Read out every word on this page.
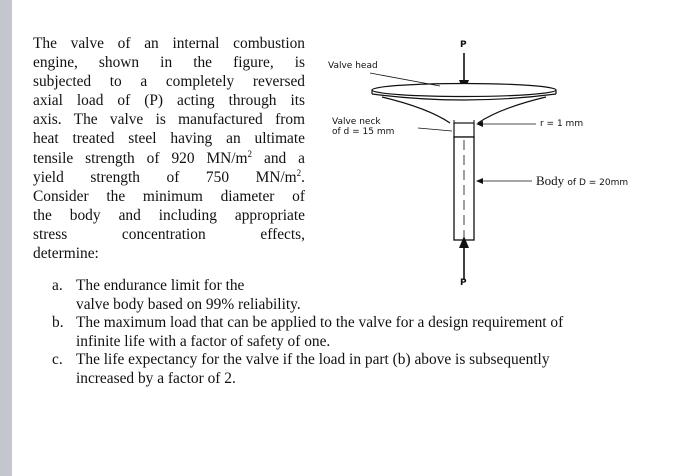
The valve of an internal combustion
engine, shown in the figure, is
subjected to a completely reversed
axial load of (P) acting through its
axis. The valve is manufactured from
heat treated steel having an ultimate
tensile strength of 920 $MN/m^2$ and a
yield strength of 750 $MN/m^2$.
Consider the minimum diameter of
the body and including appropriate
stress concentration effects,
determine:
a. The endurance limit for the
valve body based on 99% reliability.
b. The maximum load that can be applied to the valve for a design requirement of
infinite life with a factor of safety of one.
c. The life expectancy for the valve if the load in part (b) above is subsequently
increased by a factor of 2.
P
P
Valve head
Valve neck
of d = 15 mm
r = 1 mm
Body of D = 20mm
